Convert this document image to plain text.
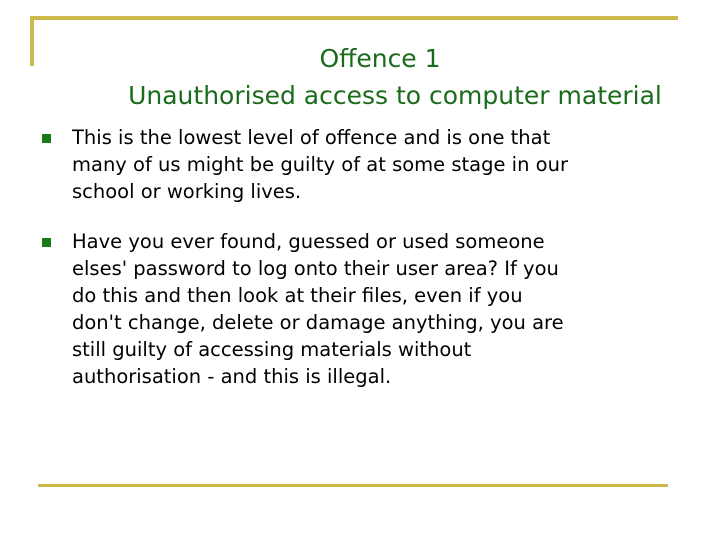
Offence 1
Unauthorised access to computer material
This is the lowest level of offence and is one that
many of us might be guilty of at some stage in our
school or working lives.
Have you ever found, guessed or used someone
elses' password to log onto their user area? If you
do this and then look at their files, even if you
don't change, delete or damage anything, you are
still guilty of accessing materials without
authorisation - and this is illegal.
